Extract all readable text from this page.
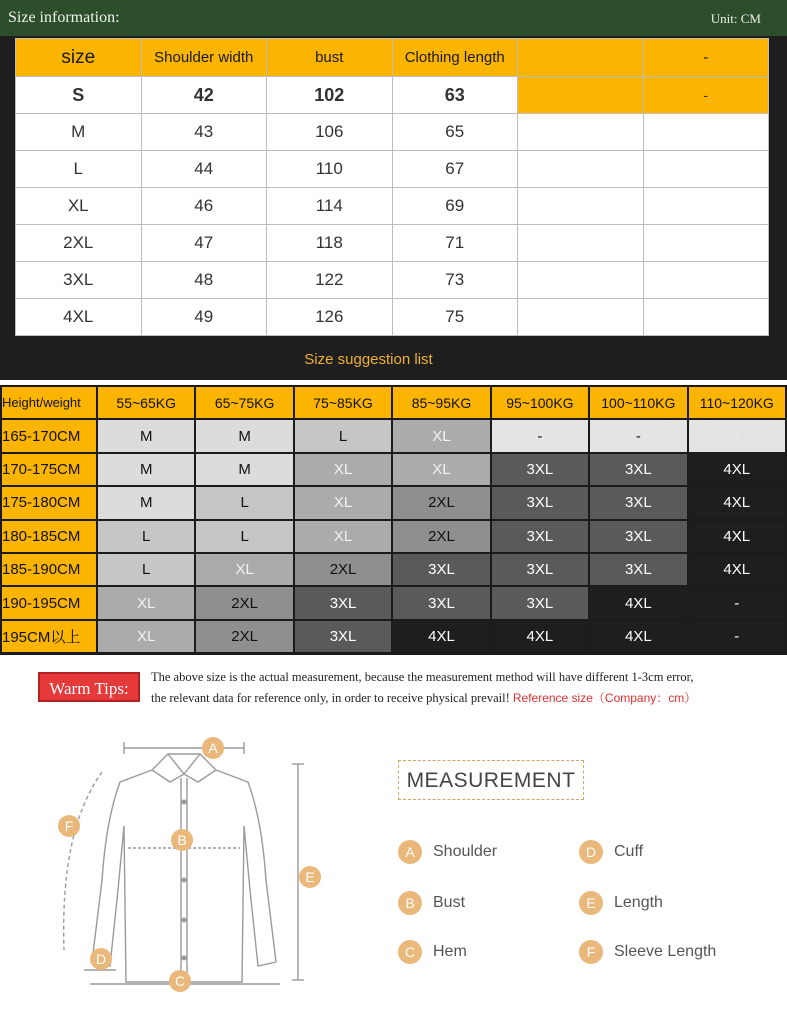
Size information:	Unit: CM
size	Shoulder width	bust	Clothing length		-
S	42	102	63		-
M	43	106	65		
L	44	110	67		
XL	46	114	69		
2XL	47	118	71		
3XL	48	122	73		
4XL	49	126	75		
Size suggestion list
Height/weight	55~65KG	65~75KG	75~85KG	85~95KG	95~100KG	100~110KG	110~120KG
165-170CM	M	M	L	XL	-	-	-
170-175CM	M	M	XL	XL	3XL	3XL	4XL
175-180CM	M	L	XL	2XL	3XL	3XL	4XL
180-185CM	L	L	XL	2XL	3XL	3XL	4XL
185-190CM	L	XL	2XL	3XL	3XL	3XL	4XL
190-195CM	XL	2XL	3XL	3XL	3XL	4XL	-
195CM以上	XL	2XL	3XL	4XL	4XL	4XL	-
Warm Tips:
The above size is the actual measurement, because the measurement method will have different 1-3cm error,
the relevant data for reference only, in order to receive physical prevail! Reference size（Company：cm）
A
B
C
D
E
F
MEASUREMENT
A	Shoulder	D	Cuff
B	Bust	E	Length
C	Hem	F	Sleeve Length
